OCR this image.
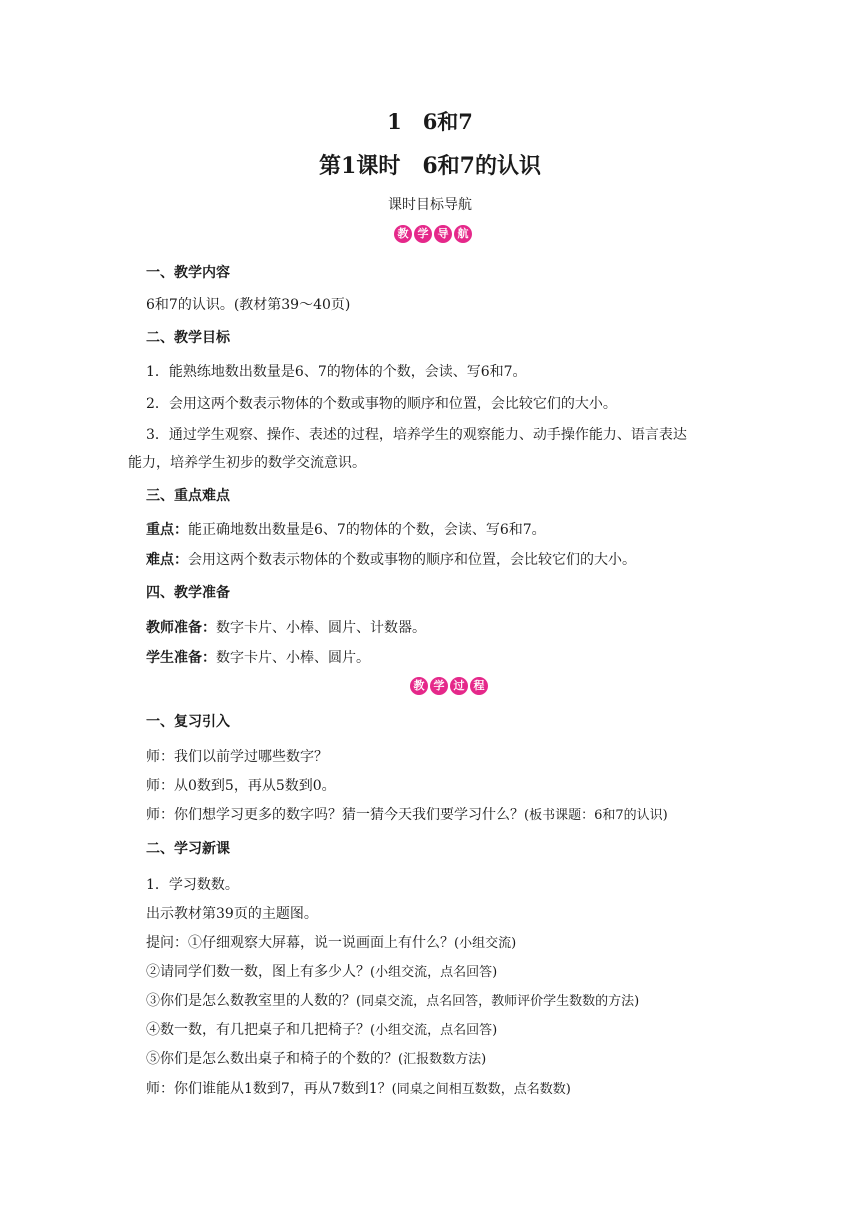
1　6和7
第1课时　6和7的认识
课时目标导航
教 学 导 航
一、教学内容
6和7的认识。(教材第39～40页)
二、教学目标
1．能熟练地数出数量是6、7的物体的个数，会读、写6和7。
2．会用这两个数表示物体的个数或事物的顺序和位置，会比较它们的大小。
3．通过学生观察、操作、表述的过程，培养学生的观察能力、动手操作能力、语言表达
能力，培养学生初步的数学交流意识。
三、重点难点
重点：能正确地数出数量是6、7的物体的个数，会读、写6和7。
难点：会用这两个数表示物体的个数或事物的顺序和位置，会比较它们的大小。
四、教学准备
教师准备：数字卡片、小棒、圆片、计数器。
学生准备：数字卡片、小棒、圆片。
教 学 过 程
一、复习引入
师：我们以前学过哪些数字？
师：从0数到5，再从5数到0。
师：你们想学习更多的数字吗？猜一猜今天我们要学习什么？(板书课题：6和7的认识)
二、学习新课
1．学习数数。
出示教材第39页的主题图。
提问：①仔细观察大屏幕，说一说画面上有什么？(小组交流)
②请同学们数一数，图上有多少人？(小组交流，点名回答)
③你们是怎么数教室里的人数的？(同桌交流，点名回答，教师评价学生数数的方法)
④数一数，有几把桌子和几把椅子？(小组交流，点名回答)
⑤你们是怎么数出桌子和椅子的个数的？(汇报数数方法)
师：你们谁能从1数到7，再从7数到1？(同桌之间相互数数，点名数数)
